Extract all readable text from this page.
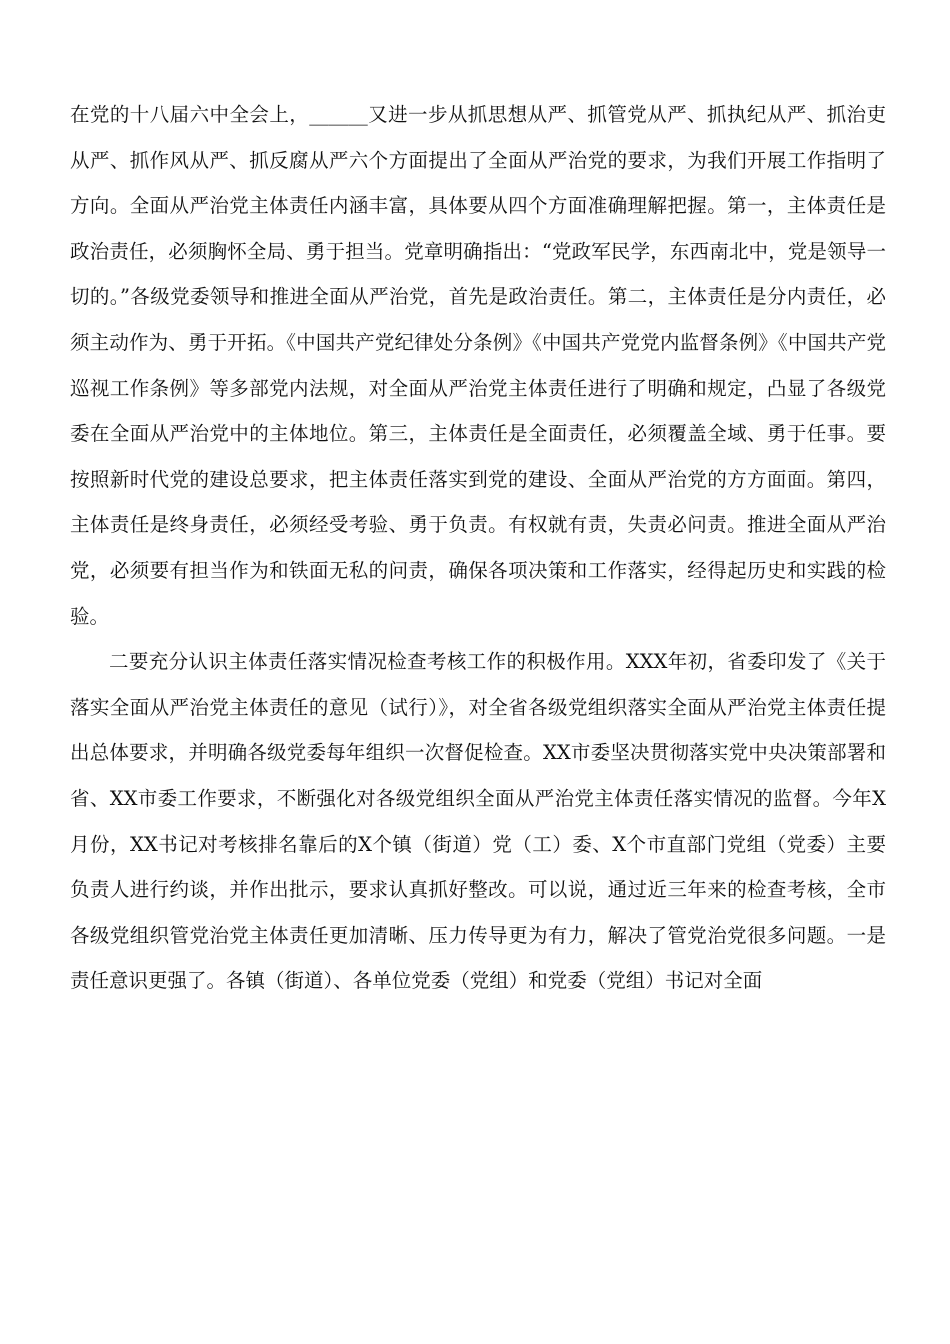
在党的十八届六中全会上，______又进一步从抓思想从严、抓管党从严、抓执纪从严、抓治吏从严、抓作风从严、抓反腐从严六个方面提出了全面从严治党的要求，为我们开展工作指明了方向。全面从严治党主体责任内涵丰富，具体要从四个方面准确理解把握。第一，主体责任是政治责任，必须胸怀全局、勇于担当。党章明确指出：“党政军民学，东西南北中，党是领导一切的。”各级党委领导和推进全面从严治党，首先是政治责任。第二，主体责任是分内责任，必须主动作为、勇于开拓。《中国共产党纪律处分条例》《中国共产党党内监督条例》《中国共产党巡视工作条例》等多部党内法规，对全面从严治党主体责任进行了明确和规定，凸显了各级党委在全面从严治党中的主体地位。第三，主体责任是全面责任，必须覆盖全域、勇于任事。要按照新时代党的建设总要求，把主体责任落实到党的建设、全面从严治党的方方面面。第四，主体责任是终身责任，必须经受考验、勇于负责。有权就有责，失责必问责。推进全面从严治党，必须要有担当作为和铁面无私的问责，确保各项决策和工作落实，经得起历史和实践的检验。

二要充分认识主体责任落实情况检查考核工作的积极作用。XXX年初，省委印发了《关于落实全面从严治党主体责任的意见（试行）》，对全省各级党组织落实全面从严治党主体责任提出总体要求，并明确各级党委每年组织一次督促检查。XX市委坚决贯彻落实党中央决策部署和省、XX市委工作要求，不断强化对各级党组织全面从严治党主体责任落实情况的监督。今年X月份，XX书记对考核排名靠后的X个镇（街道）党（工）委、X个市直部门党组（党委）主要负责人进行约谈，并作出批示，要求认真抓好整改。可以说，通过近三年来的检查考核，全市各级党组织管党治党主体责任更加清晰、压力传导更为有力，解决了管党治党很多问题。一是责任意识更强了。各镇（街道）、各单位党委（党组）和党委（党组）书记对全面
